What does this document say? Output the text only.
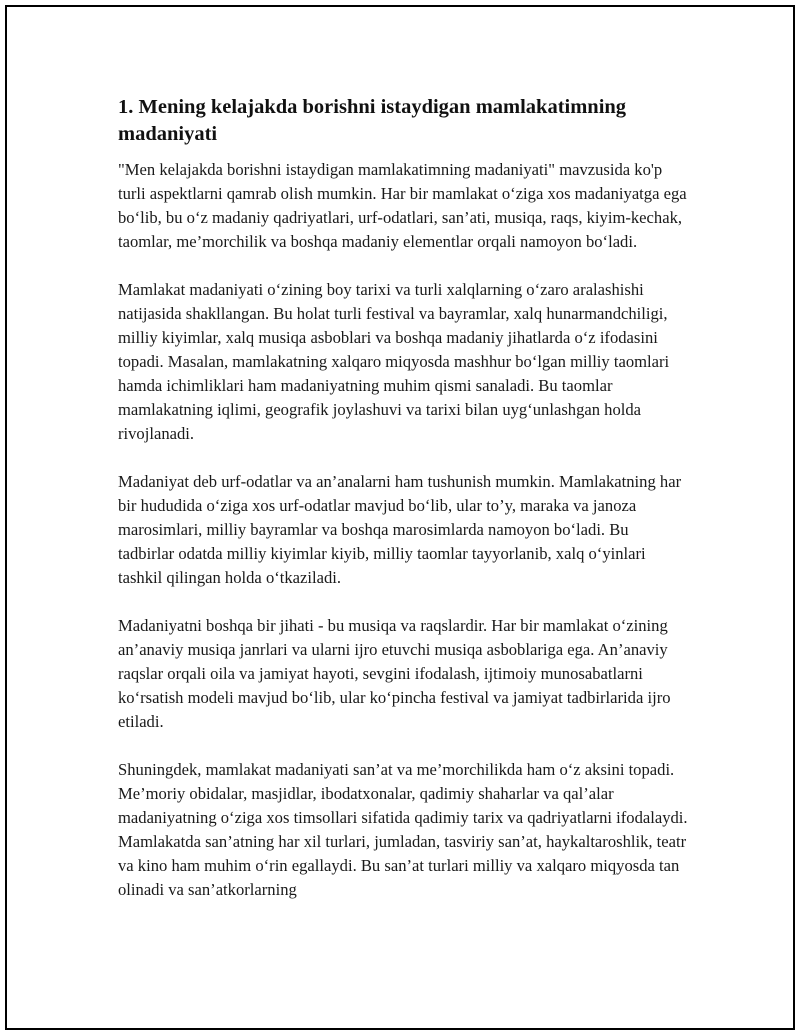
1. Mening kelajakda borishni istaydigan mamlakatimning madaniyati

"Men kelajakda borishni istaydigan mamlakatimning madaniyati" mavzusida ko'p turli aspektlarni qamrab olish mumkin. Har bir mamlakat o‘ziga xos madaniyatga ega bo‘lib, bu o‘z madaniy qadriyatlari, urf-odatlari, san’ati, musiqa, raqs, kiyim-kechak, taomlar, me’morchilik va boshqa madaniy elementlar orqali namoyon bo‘ladi.

Mamlakat madaniyati o‘zining boy tarixi va turli xalqlarning o‘zaro aralashishi natijasida shakllangan. Bu holat turli festival va bayramlar, xalq hunarmandchiligi, milliy kiyimlar, xalq musiqa asboblari va boshqa madaniy jihatlarda o‘z ifodasini topadi. Masalan, mamlakatning xalqaro miqyosda mashhur bo‘lgan milliy taomlari hamda ichimliklari ham madaniyatning muhim qismi sanaladi. Bu taomlar mamlakatning iqlimi, geografik joylashuvi va tarixi bilan uyg‘unlashgan holda rivojlanadi.

Madaniyat deb urf-odatlar va an’analarni ham tushunish mumkin. Mamlakatning har bir hududida o‘ziga xos urf-odatlar mavjud bo‘lib, ular to’y, maraka va janoza marosimlari, milliy bayramlar va boshqa marosimlarda namoyon bo‘ladi. Bu tadbirlar odatda milliy kiyimlar kiyib, milliy taomlar tayyorlanib, xalq o‘yinlari tashkil qilingan holda o‘tkaziladi.

Madaniyatni boshqa bir jihati - bu musiqa va raqslardir. Har bir mamlakat o‘zining an’anaviy musiqa janrlari va ularni ijro etuvchi musiqa asboblariga ega. An’anaviy raqslar orqali oila va jamiyat hayoti, sevgini ifodalash, ijtimoiy munosabatlarni ko‘rsatish modeli mavjud bo‘lib, ular ko‘pincha festival va jamiyat tadbirlarida ijro etiladi.

Shuningdek, mamlakat madaniyati san’at va me’morchilikda ham o‘z aksini topadi. Me’moriy obidalar, masjidlar, ibodatxonalar, qadimiy shaharlar va qal’alar madaniyatning o‘ziga xos timsollari sifatida qadimiy tarix va qadriyatlarni ifodalaydi. Mamlakatda san’atning har xil turlari, jumladan, tasviriy san’at, haykaltaroshlik, teatr va kino ham muhim o‘rin egallaydi. Bu san’at turlari milliy va xalqaro miqyosda tan olinadi va san’atkorlarning
